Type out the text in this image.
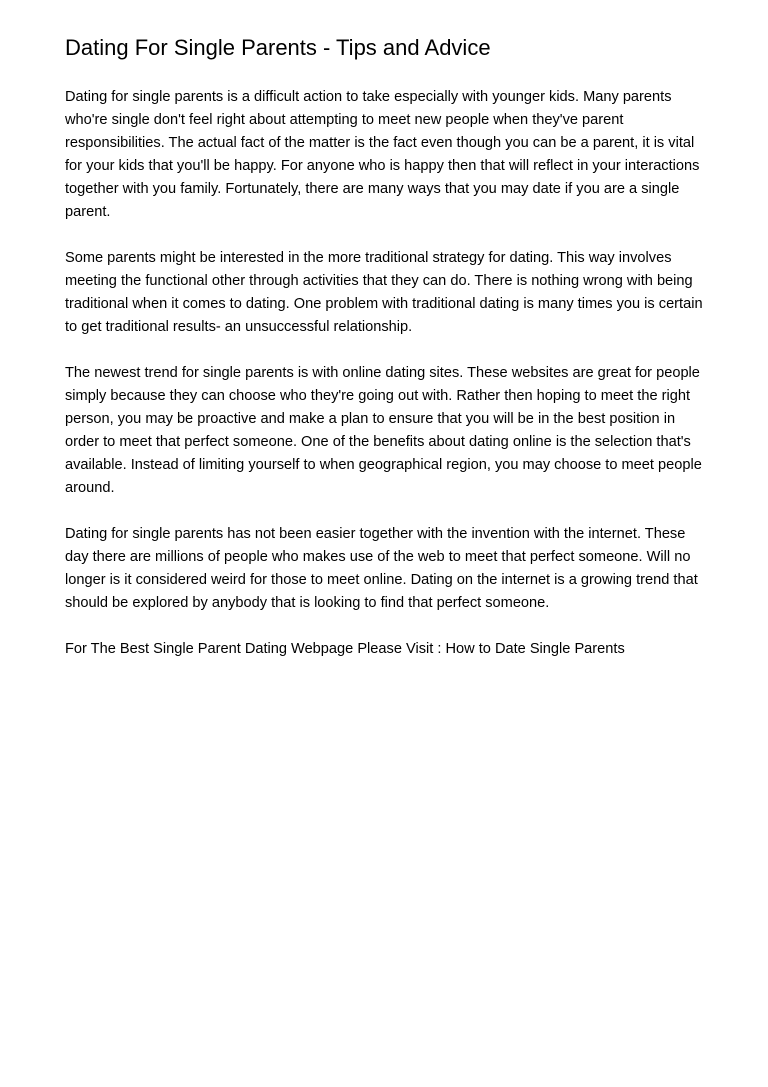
Dating For Single Parents - Tips and Advice

Dating for single parents is a difficult action to take especially with younger kids. Many parents who're single don't feel right about attempting to meet new people when they've parent responsibilities. The actual fact of the matter is the fact even though you can be a parent, it is vital for your kids that you'll be happy. For anyone who is happy then that will reflect in your interactions together with you family. Fortunately, there are many ways that you may date if you are a single parent.

Some parents might be interested in the more traditional strategy for dating. This way involves meeting the functional other through activities that they can do. There is nothing wrong with being traditional when it comes to dating. One problem with traditional dating is many times you is certain to get traditional results- an unsuccessful relationship.

The newest trend for single parents is with online dating sites. These websites are great for people simply because they can choose who they're going out with. Rather then hoping to meet the right person, you may be proactive and make a plan to ensure that you will be in the best position in order to meet that perfect someone. One of the benefits about dating online is the selection that's available. Instead of limiting yourself to when geographical region, you may choose to meet people around.

Dating for single parents has not been easier together with the invention with the internet. These day there are millions of people who makes use of the web to meet that perfect someone. Will no longer is it considered weird for those to meet online. Dating on the internet is a growing trend that should be explored by anybody that is looking to find that perfect someone.

For The Best Single Parent Dating Webpage Please Visit : How to Date Single Parents
